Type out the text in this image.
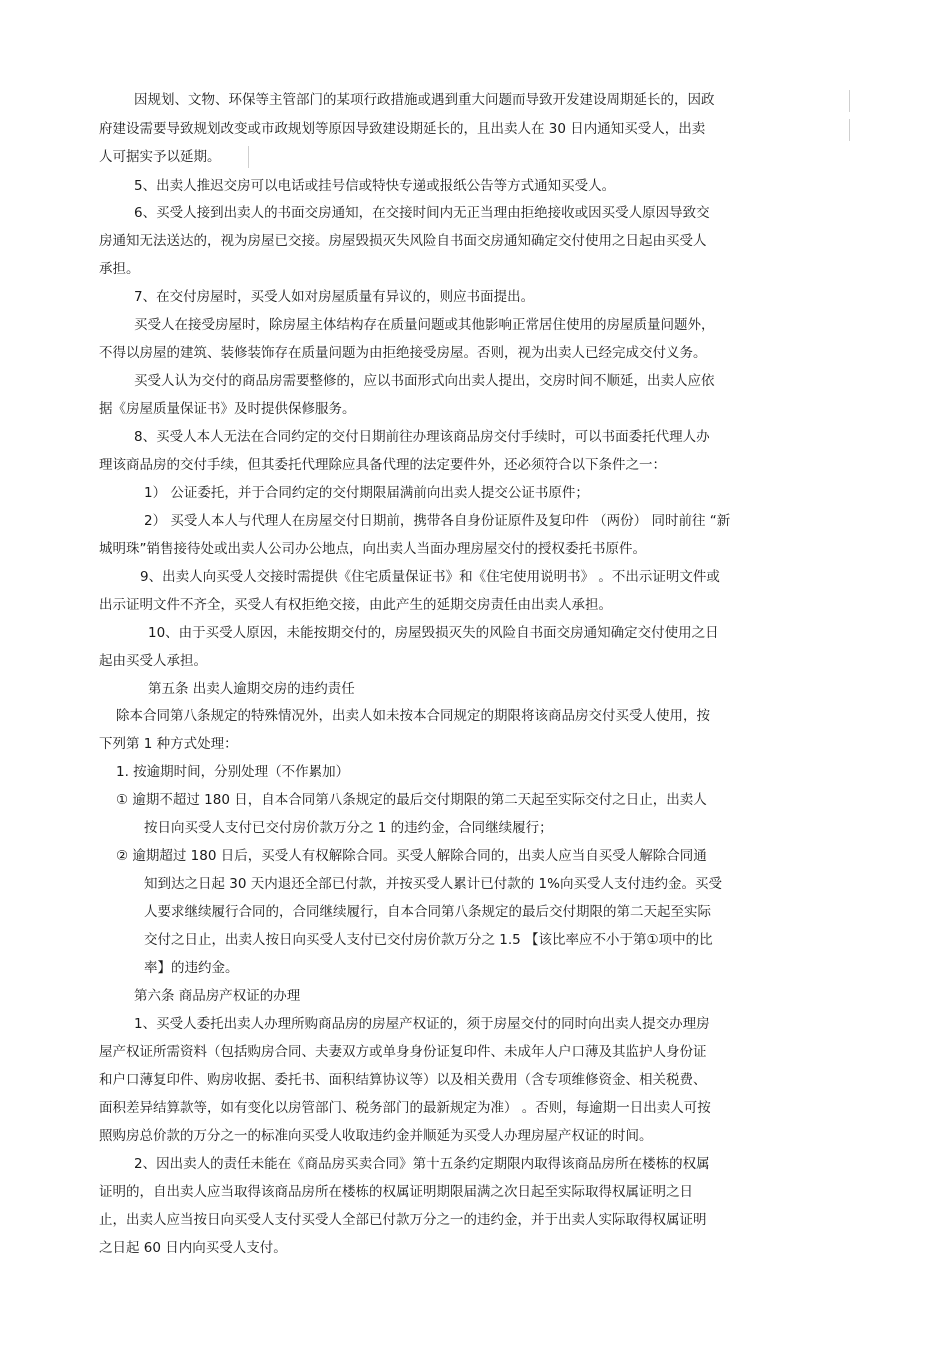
因规划、文物、环保等主管部门的某项行政措施或遇到重大问题而导致开发建设周期延长的，因政
府建设需要导致规划改变或市政规划等原因导致建设期延长的，且出卖人在 30 日内通知买受人，出卖
人可据实予以延期。
5、出卖人推迟交房可以电话或挂号信或特快专递或报纸公告等方式通知买受人。
6、买受人接到出卖人的书面交房通知，在交接时间内无正当理由拒绝接收或因买受人原因导致交
房通知无法送达的，视为房屋已交接。房屋毁损灭失风险自书面交房通知确定交付使用之日起由买受人
承担。
7、在交付房屋时，买受人如对房屋质量有异议的，则应书面提出。
买受人在接受房屋时，除房屋主体结构存在质量问题或其他影响正常居住使用的房屋质量问题外，
不得以房屋的建筑、装修装饰存在质量问题为由拒绝接受房屋。否则，视为出卖人已经完成交付义务。
买受人认为交付的商品房需要整修的，应以书面形式向出卖人提出，交房时间不顺延，出卖人应依
据《房屋质量保证书》及时提供保修服务。
8、买受人本人无法在合同约定的交付日期前往办理该商品房交付手续时，可以书面委托代理人办
理该商品房的交付手续，但其委托代理除应具备代理的法定要件外，还必须符合以下条件之一：
1） 公证委托，并于合同约定的交付期限届满前向出卖人提交公证书原件；
2） 买受人本人与代理人在房屋交付日期前，携带各自身份证原件及复印件 （两份） 同时前往 “新
城明珠”销售接待处或出卖人公司办公地点，向出卖人当面办理房屋交付的授权委托书原件。
9、出卖人向买受人交接时需提供《住宅质量保证书》和《住宅使用说明书》 。不出示证明文件或
出示证明文件不齐全，买受人有权拒绝交接，由此产生的延期交房责任由出卖人承担。
10、由于买受人原因，未能按期交付的，房屋毁损灭失的风险自书面交房通知确定交付使用之日
起由买受人承担。
第五条 出卖人逾期交房的违约责任
除本合同第八条规定的特殊情况外，出卖人如未按本合同规定的期限将该商品房交付买受人使用，按
下列第 1 种方式处理：
1. 按逾期时间，分别处理（不作累加）
① 逾期不超过 180 日，自本合同第八条规定的最后交付期限的第二天起至实际交付之日止，出卖人
按日向买受人支付已交付房价款万分之 1 的违约金，合同继续履行；
② 逾期超过 180 日后，买受人有权解除合同。买受人解除合同的，出卖人应当自买受人解除合同通
知到达之日起 30 天内退还全部已付款，并按买受人累计已付款的 1%向买受人支付违约金。买受
人要求继续履行合同的，合同继续履行，自本合同第八条规定的最后交付期限的第二天起至实际
交付之日止，出卖人按日向买受人支付已交付房价款万分之 1.5 【该比率应不小于第①项中的比
率】的违约金。
第六条 商品房产权证的办理
1、买受人委托出卖人办理所购商品房的房屋产权证的，须于房屋交付的同时向出卖人提交办理房
屋产权证所需资料（包括购房合同、夫妻双方或单身身份证复印件、未成年人户口薄及其监护人身份证
和户口薄复印件、购房收据、委托书、面积结算协议等）以及相关费用（含专项维修资金、相关税费、
面积差异结算款等，如有变化以房管部门、税务部门的最新规定为准） 。否则，每逾期一日出卖人可按
照购房总价款的万分之一的标准向买受人收取违约金并顺延为买受人办理房屋产权证的时间。
2、因出卖人的责任未能在《商品房买卖合同》第十五条约定期限内取得该商品房所在楼栋的权属
证明的，自出卖人应当取得该商品房所在楼栋的权属证明期限届满之次日起至实际取得权属证明之日
止，出卖人应当按日向买受人支付买受人全部已付款万分之一的违约金，并于出卖人实际取得权属证明
之日起 60 日内向买受人支付。
